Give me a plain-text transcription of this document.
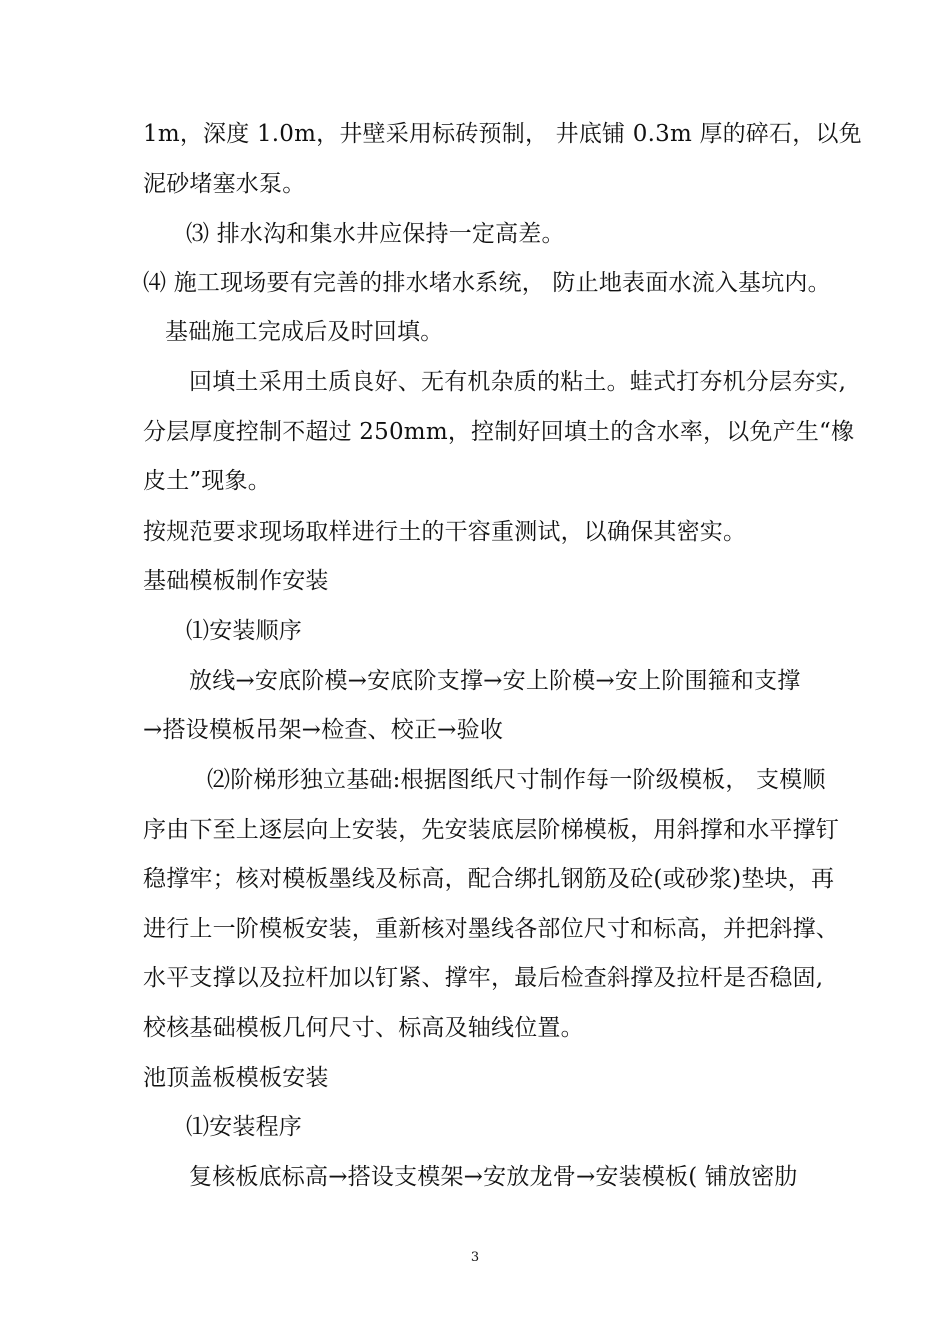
1m，深度 1.0m，井壁采用标砖预制， 井底铺 0.3m 厚的碎石，以免
泥砂堵塞水泵。
⑶ 排水沟和集水井应保持一定高差。
⑷ 施工现场要有完善的排水堵水系统， 防止地表面水流入基坑内。
基础施工完成后及时回填。
回填土采用土质良好、无有机杂质的粘土。蛙式打夯机分层夯实,
分层厚度控制不超过 250mm，控制好回填土的含水率，以免产生“橡
皮土”现象。
按规范要求现场取样进行土的干容重测试，以确保其密实。
基础模板制作安装
⑴安装顺序
放线→安底阶模→安底阶支撑→安上阶模→安上阶围箍和支撑
→搭设模板吊架→检查、校正→验收
⑵阶梯形独立基础:根据图纸尺寸制作每一阶级模板， 支模顺
序由下至上逐层向上安装，先安装底层阶梯模板，用斜撑和水平撑钉
稳撑牢；核对模板墨线及标高，配合绑扎钢筋及砼(或砂浆)垫块，再
进行上一阶模板安装，重新核对墨线各部位尺寸和标高，并把斜撑、
水平支撑以及拉杆加以钉紧、撑牢，最后检查斜撑及拉杆是否稳固,
校核基础模板几何尺寸、标高及轴线位置。
池顶盖板模板安装
⑴安装程序
复核板底标高→搭设支模架→安放龙骨→安装模板( 铺放密肋
3
